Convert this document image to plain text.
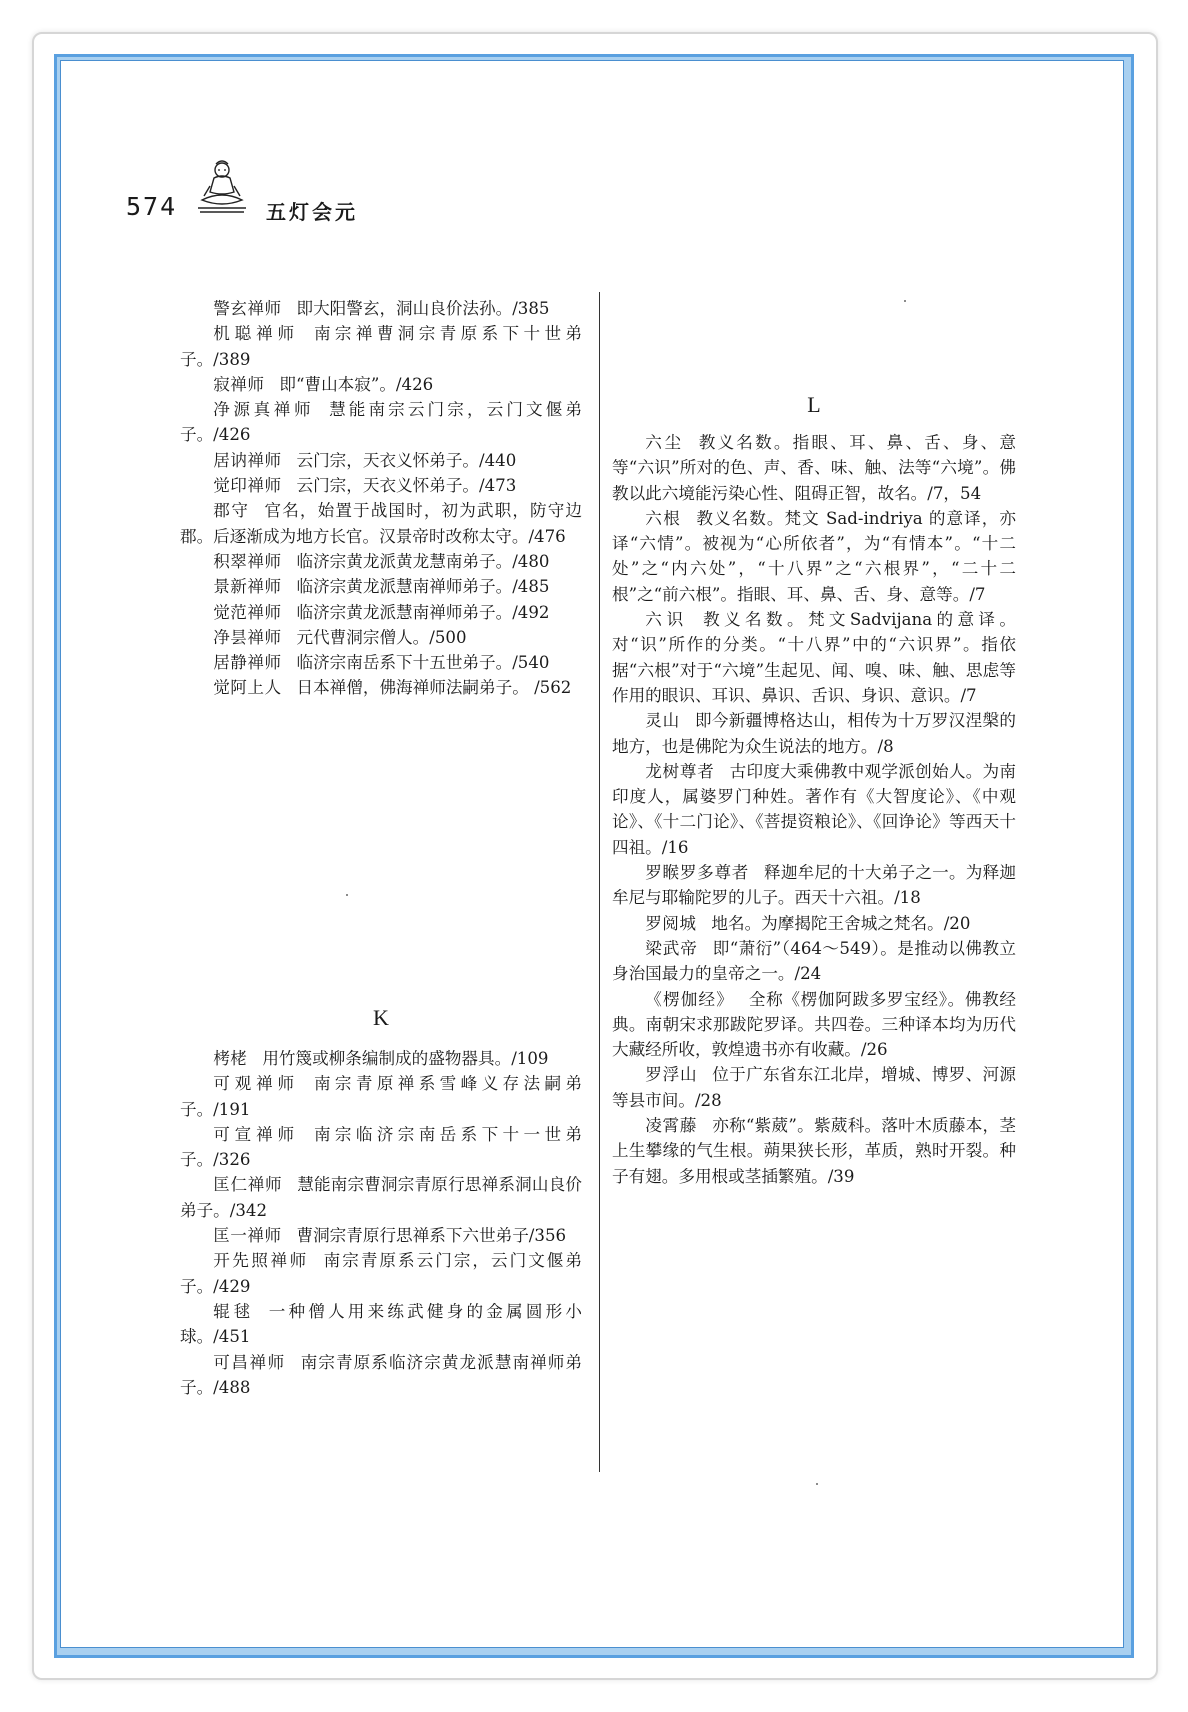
574	五灯会元

警玄禅师 即大阳警玄，洞山良价法孙。/385

机聪禅师 南宗禅曹洞宗青原系下十世弟子。/389

寂禅师 即“曹山本寂”。/426

净源真禅师 慧能南宗云门宗，云门文偃弟子。/426

居讷禅师 云门宗，天衣义怀弟子。/440

觉印禅师 云门宗，天衣义怀弟子。/473

郡守 官名，始置于战国时，初为武职，防守边郡。后逐渐成为地方长官。汉景帝时改称太守。/476

积翠禅师 临济宗黄龙派黄龙慧南弟子。/480

景新禅师 临济宗黄龙派慧南禅师弟子。/485

觉范禅师 临济宗黄龙派慧南禅师弟子。/492

净昙禅师 元代曹洞宗僧人。/500

居静禅师 临济宗南岳系下十五世弟子。/540

觉阿上人 日本禅僧，佛海禅师法嗣弟子。 /562

K

栲栳 用竹篾或柳条编制成的盛物器具。/109

可观禅师 南宗青原禅系雪峰义存法嗣弟子。/191

可宣禅师 南宗临济宗南岳系下十一世弟子。/326

匡仁禅师 慧能南宗曹洞宗青原行思禅系洞山良价弟子。/342

匡一禅师 曹洞宗青原行思禅系下六世弟子/356

开先照禅师 南宗青原系云门宗，云门文偃弟子。/429

辊毬 一种僧人用来练武健身的金属圆形小球。/451

可昌禅师 南宗青原系临济宗黄龙派慧南禅师弟子。/488

L

六尘 教义名数。指眼、耳、鼻、舌、身、意等“六识”所对的色、声、香、味、触、法等“六境”。佛教以此六境能污染心性、阻碍正智，故名。/7，54

六根 教义名数。梵文 Sad-indriya 的意译，亦译“六情”。被视为“心所依者”，为“有情本”。“十二处”之“内六处”，“十八界”之“六根界”，“二十二根”之“前六根”。指眼、耳、鼻、舌、身、意等。/7

六识 教义名数。梵文Sadvijana的意译。对“识”所作的分类。“十八界”中的“六识界”。指依据“六根”对于“六境”生起见、闻、嗅、味、触、思虑等作用的眼识、耳识、鼻识、舌识、身识、意识。/7

灵山 即今新疆博格达山，相传为十万罗汉涅槃的地方，也是佛陀为众生说法的地方。/8

龙树尊者 古印度大乘佛教中观学派创始人。为南印度人，属婆罗门种姓。著作有《大智度论》、《中观论》、《十二门论》、《菩提资粮论》、《回诤论》等西天十四祖。/16

罗睺罗多尊者 释迦牟尼的十大弟子之一。为释迦牟尼与耶输陀罗的儿子。西天十六祖。/18

罗阅城 地名。为摩揭陀王舍城之梵名。/20

梁武帝 即“萧衍”（464～549）。是推动以佛教立身治国最力的皇帝之一。/24

《楞伽经》 全称《楞伽阿跋多罗宝经》。佛教经典。南朝宋求那跋陀罗译。共四卷。三种译本均为历代大藏经所收，敦煌遗书亦有收藏。/26

罗浮山 位于广东省东江北岸，增城、博罗、河源等县市间。/28

凌霄藤 亦称“紫葳”。紫葳科。落叶木质藤本，茎上生攀缘的气生根。蒴果狭长形，革质，熟时开裂。种子有翅。多用根或茎插繁殖。/39
